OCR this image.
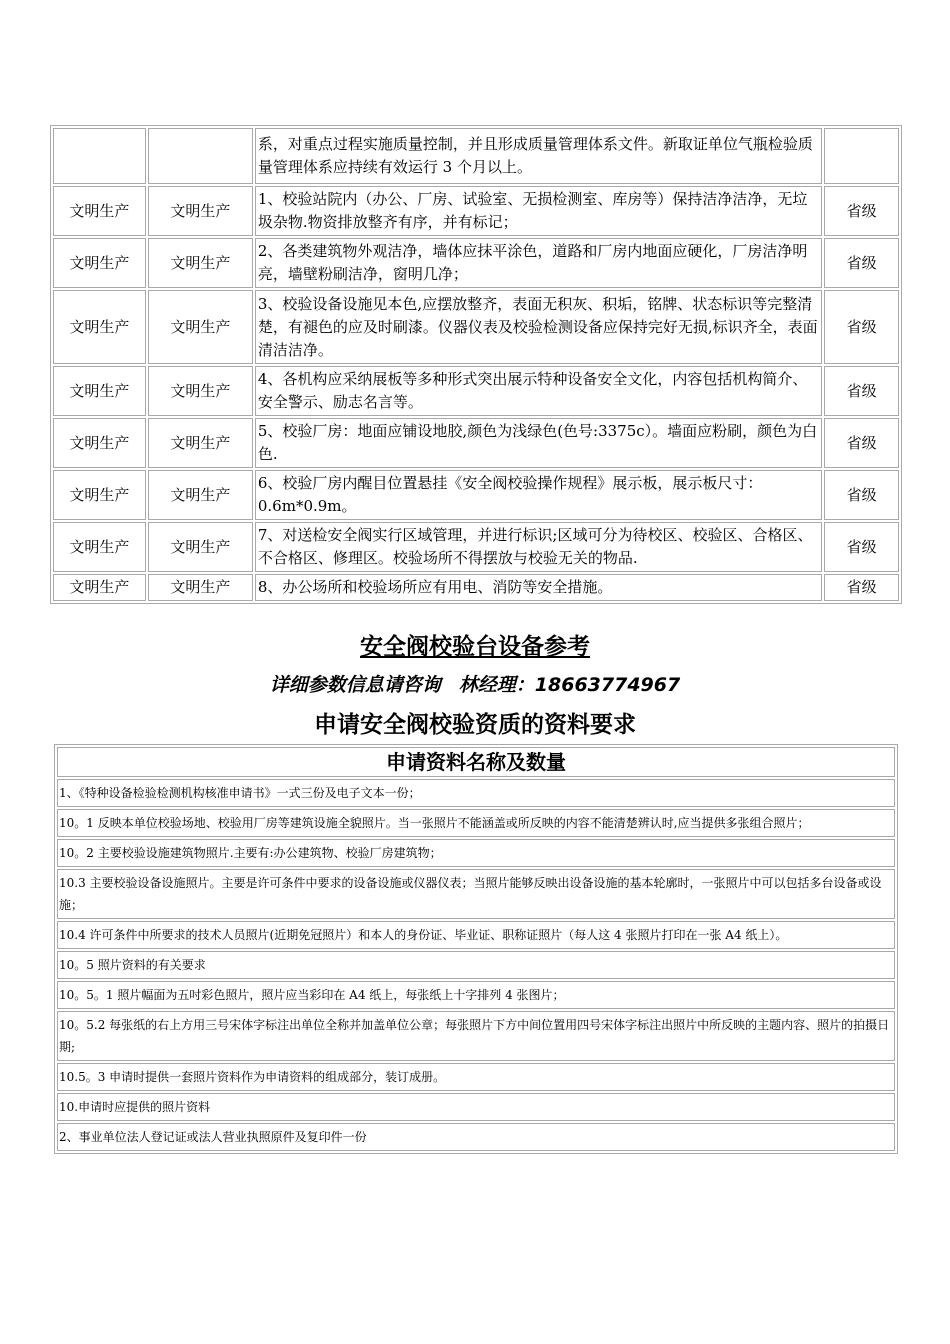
		系，对重点过程实施质量控制，并且形成质量管理体系文件。新取证单位气瓶检验质量管理体系应持续有效运行 3 个月以上。	
文明生产	文明生产	1、校验站院内（办公、厂房、试验室、无损检测室、库房等）保持洁净洁净，无垃圾杂物.物资排放整齐有序，并有标记；	省级
文明生产	文明生产	2、各类建筑物外观洁净，墙体应抹平涂色，道路和厂房内地面应硬化，厂房洁净明亮，墙壁粉刷洁净，窗明几净；	省级
文明生产	文明生产	3、校验设备设施见本色,应摆放整齐，表面无积灰、积垢，铭牌、状态标识等完整清楚，有褪色的应及时刷漆。仪器仪表及校验检测设备应保持完好无损,标识齐全，表面清洁洁净。	省级
文明生产	文明生产	4、各机构应采纳展板等多种形式突出展示特种设备安全文化，内容包括机构简介、安全警示、励志名言等。	省级
文明生产	文明生产	5、校验厂房：地面应铺设地胶,颜色为浅绿色(色号:3375c）。墙面应粉刷，颜色为白色.	省级
文明生产	文明生产	6、校验厂房内醒目位置悬挂《安全阀校验操作规程》展示板，展示板尺寸：0.6m*0.9m。	省级
文明生产	文明生产	7、对送检安全阀实行区域管理，并进行标识;区域可分为待校区、校验区、合格区、不合格区、修理区。校验场所不得摆放与校验无关的物品.	省级
文明生产	文明生产	8、办公场所和校验场所应有用电、消防等安全措施。	省级
安全阀校验台设备参考
详细参数信息请咨询 林经理：18663774967
申请安全阀校验资质的资料要求
申请资料名称及数量
1、《特种设备检验检测机构核准申请书》一式三份及电子文本一份；
10。1 反映本单位校验场地、校验用厂房等建筑设施全貌照片。当一张照片不能涵盖或所反映的内容不能清楚辨认时,应当提供多张组合照片；
10。2 主要校验设施建筑物照片.主要有:办公建筑物、校验厂房建筑物；
10.3 主要校验设备设施照片。主要是许可条件中要求的设备设施或仪器仪表；当照片能够反映出设备设施的基本轮廓时，一张照片中可以包括多台设备或设施；
10.4 许可条件中所要求的技术人员照片(近期免冠照片）和本人的身份证、毕业证、职称证照片（每人这 4 张照片打印在一张 A4 纸上）。
10。5 照片资料的有关要求
10。5。1 照片幅面为五吋彩色照片，照片应当彩印在 A4 纸上，每张纸上十字排列 4 张图片；
10。5.2 每张纸的右上方用三号宋体字标注出单位全称并加盖单位公章；每张照片下方中间位置用四号宋体字标注出照片中所反映的主题内容、照片的拍摄日期;
10.5。3 申请时提供一套照片资料作为申请资料的组成部分，装订成册。
10.申请时应提供的照片资料
2、事业单位法人登记证或法人营业执照原件及复印件一份
